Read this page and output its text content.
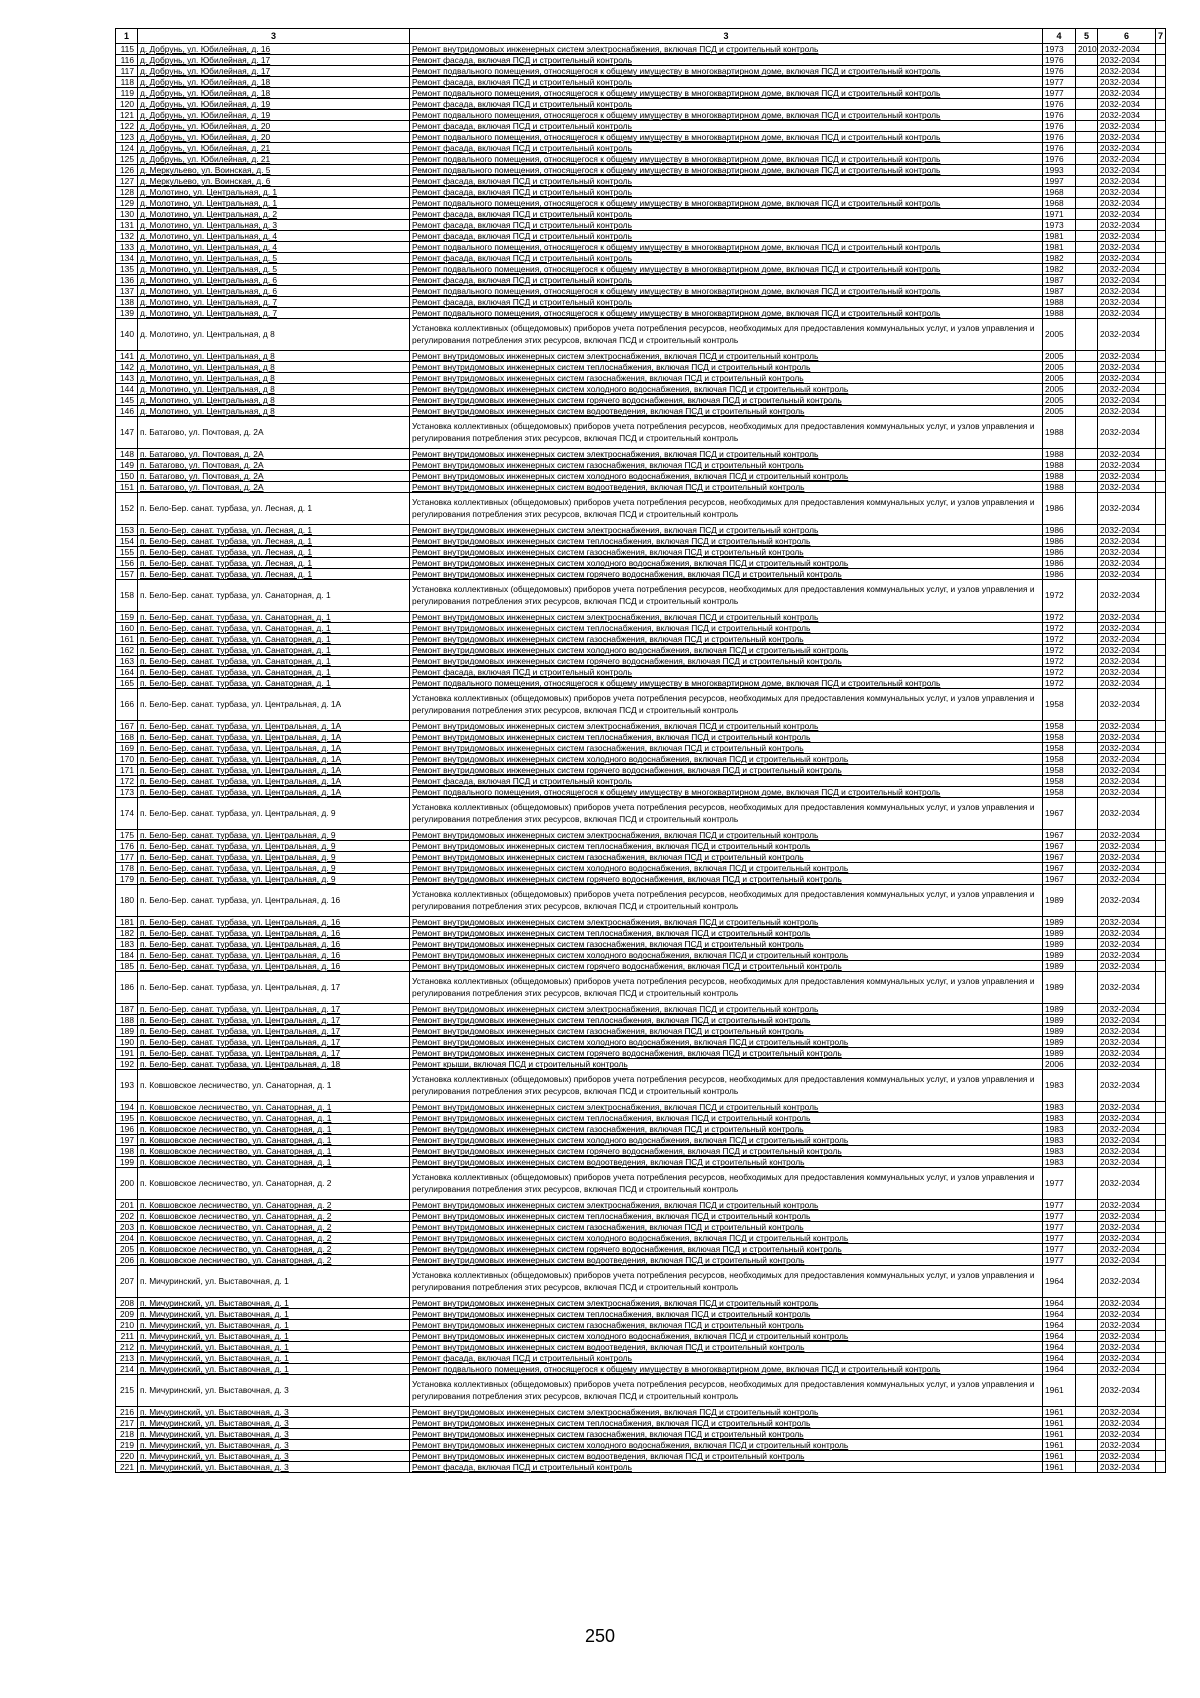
1	3	3	4	5	6	7
115	д. Добрунь, ул. Юбилейная, д. 16	Ремонт внутридомовых инженерных систем электроснабжения, включая ПСД и строительный контроль	1973	2010	2032-2034	
116	д. Добрунь, ул. Юбилейная, д. 17	Ремонт фасада, включая ПСД и строительный контроль	1976		2032-2034	
117	д. Добрунь, ул. Юбилейная, д. 17	Ремонт подвального помещения, относящегося к общему имуществу в многоквартирном доме, включая ПСД и строительный контроль	1976		2032-2034	
118	д. Добрунь, ул. Юбилейная, д. 18	Ремонт фасада, включая ПСД и строительный контроль	1977		2032-2034	
119	д. Добрунь, ул. Юбилейная, д. 18	Ремонт подвального помещения, относящегося к общему имуществу в многоквартирном доме, включая ПСД и строительный контроль	1977		2032-2034	
120	д. Добрунь, ул. Юбилейная, д. 19	Ремонт фасада, включая ПСД и строительный контроль	1976		2032-2034	
121	д. Добрунь, ул. Юбилейная, д. 19	Ремонт подвального помещения, относящегося к общему имуществу в многоквартирном доме, включая ПСД и строительный контроль	1976		2032-2034	
122	д. Добрунь, ул. Юбилейная, д. 20	Ремонт фасада, включая ПСД и строительный контроль	1976		2032-2034	
123	д. Добрунь, ул. Юбилейная, д. 20	Ремонт подвального помещения, относящегося к общему имуществу в многоквартирном доме, включая ПСД и строительный контроль	1976		2032-2034	
124	д. Добрунь, ул. Юбилейная, д. 21	Ремонт фасада, включая ПСД и строительный контроль	1976		2032-2034	
125	д. Добрунь, ул. Юбилейная, д. 21	Ремонт подвального помещения, относящегося к общему имуществу в многоквартирном доме, включая ПСД и строительный контроль	1976		2032-2034	
126	д. Меркульево, ул. Воинская, д. 5	Ремонт подвального помещения, относящегося к общему имуществу в многоквартирном доме, включая ПСД и строительный контроль	1993		2032-2034	
127	д. Меркульево, ул. Воинская, д. 6	Ремонт фасада, включая ПСД и строительный контроль	1997		2032-2034	
128	д. Молотино, ул. Центральная, д. 1	Ремонт фасада, включая ПСД и строительный контроль	1968		2032-2034	
129	д. Молотино, ул. Центральная, д. 1	Ремонт подвального помещения, относящегося к общему имуществу в многоквартирном доме, включая ПСД и строительный контроль	1968		2032-2034	
130	д. Молотино, ул. Центральная, д. 2	Ремонт фасада, включая ПСД и строительный контроль	1971		2032-2034	
131	д. Молотино, ул. Центральная, д. 3	Ремонт фасада, включая ПСД и строительный контроль	1973		2032-2034	
132	д. Молотино, ул. Центральная, д. 4	Ремонт фасада, включая ПСД и строительный контроль	1981		2032-2034	
133	д. Молотино, ул. Центральная, д. 4	Ремонт подвального помещения, относящегося к общему имуществу в многоквартирном доме, включая ПСД и строительный контроль	1981		2032-2034	
134	д. Молотино, ул. Центральная, д. 5	Ремонт фасада, включая ПСД и строительный контроль	1982		2032-2034	
135	д. Молотино, ул. Центральная, д. 5	Ремонт подвального помещения, относящегося к общему имуществу в многоквартирном доме, включая ПСД и строительный контроль	1982		2032-2034	
136	д. Молотино, ул. Центральная, д. 6	Ремонт фасада, включая ПСД и строительный контроль	1987		2032-2034	
137	д. Молотино, ул. Центральная, д. 6	Ремонт подвального помещения, относящегося к общему имуществу в многоквартирном доме, включая ПСД и строительный контроль	1987		2032-2034	
138	д. Молотино, ул. Центральная, д. 7	Ремонт фасада, включая ПСД и строительный контроль	1988		2032-2034	
139	д. Молотино, ул. Центральная, д. 7	Ремонт подвального помещения, относящегося к общему имуществу в многоквартирном доме, включая ПСД и строительный контроль	1988		2032-2034	
140	д. Молотино, ул. Центральная, д 8	Установка коллективных (общедомовых) приборов учета потребления ресурсов, необходимых для предоставления коммунальных услуг, и узлов управления и регулирования потребления этих ресурсов, включая ПСД и строительный контроль	2005		2032-2034	
141	д. Молотино, ул. Центральная, д 8	Ремонт внутридомовых инженерных систем электроснабжения, включая ПСД и строительный контроль	2005		2032-2034	
142	д. Молотино, ул. Центральная, д 8	Ремонт внутридомовых инженерных систем теплоснабжения, включая ПСД и строительный контроль	2005		2032-2034	
143	д. Молотино, ул. Центральная, д 8	Ремонт внутридомовых инженерных систем газоснабжения, включая ПСД и строительный контроль	2005		2032-2034	
144	д. Молотино, ул. Центральная, д 8	Ремонт внутридомовых инженерных систем холодного водоснабжения, включая ПСД и строительный контроль	2005		2032-2034	
145	д. Молотино, ул. Центральная, д 8	Ремонт внутридомовых инженерных систем горячего водоснабжения, включая ПСД и строительный контроль	2005		2032-2034	
146	д. Молотино, ул. Центральная, д 8	Ремонт внутридомовых инженерных систем водоотведения, включая ПСД и строительный контроль	2005		2032-2034	
147	п. Батагово, ул. Почтовая, д. 2А	Установка коллективных (общедомовых) приборов учета потребления ресурсов, необходимых для предоставления коммунальных услуг, и узлов управления и регулирования потребления этих ресурсов, включая ПСД и строительный контроль	1988		2032-2034	
148	п. Батагово, ул. Почтовая, д. 2А	Ремонт внутридомовых инженерных систем электроснабжения, включая ПСД и строительный контроль	1988		2032-2034	
149	п. Батагово, ул. Почтовая, д. 2А	Ремонт внутридомовых инженерных систем газоснабжения, включая ПСД и строительный контроль	1988		2032-2034	
150	п. Батагово, ул. Почтовая, д. 2А	Ремонт внутридомовых инженерных систем холодного водоснабжения, включая ПСД и строительный контроль	1988		2032-2034	
151	п. Батагово, ул. Почтовая, д. 2А	Ремонт внутридомовых инженерных систем водоотведения, включая ПСД и строительный контроль	1988		2032-2034	
152	п. Бело-Бер. санат. турбаза, ул. Лесная, д. 1	Установка коллективных (общедомовых) приборов учета потребления ресурсов, необходимых для предоставления коммунальных услуг, и узлов управления и регулирования потребления этих ресурсов, включая ПСД и строительный контроль	1986		2032-2034	
153	п. Бело-Бер. санат. турбаза, ул. Лесная, д. 1	Ремонт внутридомовых инженерных систем электроснабжения, включая ПСД и строительный контроль	1986		2032-2034	
154	п. Бело-Бер. санат. турбаза, ул. Лесная, д. 1	Ремонт внутридомовых инженерных систем теплоснабжения, включая ПСД и строительный контроль	1986		2032-2034	
155	п. Бело-Бер. санат. турбаза, ул. Лесная, д. 1	Ремонт внутридомовых инженерных систем газоснабжения, включая ПСД и строительный контроль	1986		2032-2034	
156	п. Бело-Бер. санат. турбаза, ул. Лесная, д. 1	Ремонт внутридомовых инженерных систем холодного водоснабжения, включая ПСД и строительный контроль	1986		2032-2034	
157	п. Бело-Бер. санат. турбаза, ул. Лесная, д. 1	Ремонт внутридомовых инженерных систем горячего водоснабжения, включая ПСД и строительный контроль	1986		2032-2034	
158	п. Бело-Бер. санат. турбаза, ул. Санаторная, д. 1	Установка коллективных (общедомовых) приборов учета потребления ресурсов, необходимых для предоставления коммунальных услуг, и узлов управления и регулирования потребления этих ресурсов, включая ПСД и строительный контроль	1972		2032-2034	
159	п. Бело-Бер. санат. турбаза, ул. Санаторная, д. 1	Ремонт внутридомовых инженерных систем электроснабжения, включая ПСД и строительный контроль	1972		2032-2034	
160	п. Бело-Бер. санат. турбаза, ул. Санаторная, д. 1	Ремонт внутридомовых инженерных систем теплоснабжения, включая ПСД и строительный контроль	1972		2032-2034	
161	п. Бело-Бер. санат. турбаза, ул. Санаторная, д. 1	Ремонт внутридомовых инженерных систем газоснабжения, включая ПСД и строительный контроль	1972		2032-2034	
162	п. Бело-Бер. санат. турбаза, ул. Санаторная, д. 1	Ремонт внутридомовых инженерных систем холодного водоснабжения, включая ПСД и строительный контроль	1972		2032-2034	
163	п. Бело-Бер. санат. турбаза, ул. Санаторная, д. 1	Ремонт внутридомовых инженерных систем горячего водоснабжения, включая ПСД и строительный контроль	1972		2032-2034	
164	п. Бело-Бер. санат. турбаза, ул. Санаторная, д. 1	Ремонт фасада, включая ПСД и строительный контроль	1972		2032-2034	
165	п. Бело-Бер. санат. турбаза, ул. Санаторная, д. 1	Ремонт подвального помещения, относящегося к общему имуществу в многоквартирном доме, включая ПСД и строительный контроль	1972		2032-2034	
166	п. Бело-Бер. санат. турбаза, ул. Центральная, д. 1А	Установка коллективных (общедомовых) приборов учета потребления ресурсов, необходимых для предоставления коммунальных услуг, и узлов управления и регулирования потребления этих ресурсов, включая ПСД и строительный контроль	1958		2032-2034	
167	п. Бело-Бер. санат. турбаза, ул. Центральная, д. 1А	Ремонт внутридомовых инженерных систем электроснабжения, включая ПСД и строительный контроль	1958		2032-2034	
168	п. Бело-Бер. санат. турбаза, ул. Центральная, д. 1А	Ремонт внутридомовых инженерных систем теплоснабжения, включая ПСД и строительный контроль	1958		2032-2034	
169	п. Бело-Бер. санат. турбаза, ул. Центральная, д. 1А	Ремонт внутридомовых инженерных систем газоснабжения, включая ПСД и строительный контроль	1958		2032-2034	
170	п. Бело-Бер. санат. турбаза, ул. Центральная, д. 1А	Ремонт внутридомовых инженерных систем холодного водоснабжения, включая ПСД и строительный контроль	1958		2032-2034	
171	п. Бело-Бер. санат. турбаза, ул. Центральная, д. 1А	Ремонт внутридомовых инженерных систем горячего водоснабжения, включая ПСД и строительный контроль	1958		2032-2034	
172	п. Бело-Бер. санат. турбаза, ул. Центральная, д. 1А	Ремонт фасада, включая ПСД и строительный контроль	1958		2032-2034	
173	п. Бело-Бер. санат. турбаза, ул. Центральная, д. 1А	Ремонт подвального помещения, относящегося к общему имуществу в многоквартирном доме, включая ПСД и строительный контроль	1958		2032-2034	
174	п. Бело-Бер. санат. турбаза, ул. Центральная, д. 9	Установка коллективных (общедомовых) приборов учета потребления ресурсов, необходимых для предоставления коммунальных услуг, и узлов управления и регулирования потребления этих ресурсов, включая ПСД и строительный контроль	1967		2032-2034	
175	п. Бело-Бер. санат. турбаза, ул. Центральная, д. 9	Ремонт внутридомовых инженерных систем электроснабжения, включая ПСД и строительный контроль	1967		2032-2034	
176	п. Бело-Бер. санат. турбаза, ул. Центральная, д. 9	Ремонт внутридомовых инженерных систем теплоснабжения, включая ПСД и строительный контроль	1967		2032-2034	
177	п. Бело-Бер. санат. турбаза, ул. Центральная, д. 9	Ремонт внутридомовых инженерных систем газоснабжения, включая ПСД и строительный контроль	1967		2032-2034	
178	п. Бело-Бер. санат. турбаза, ул. Центральная, д. 9	Ремонт внутридомовых инженерных систем холодного водоснабжения, включая ПСД и строительный контроль	1967		2032-2034	
179	п. Бело-Бер. санат. турбаза, ул. Центральная, д. 9	Ремонт внутридомовых инженерных систем горячего водоснабжения, включая ПСД и строительный контроль	1967		2032-2034	
180	п. Бело-Бер. санат. турбаза, ул. Центральная, д. 16	Установка коллективных (общедомовых) приборов учета потребления ресурсов, необходимых для предоставления коммунальных услуг, и узлов управления и регулирования потребления этих ресурсов, включая ПСД и строительный контроль	1989		2032-2034	
181	п. Бело-Бер. санат. турбаза, ул. Центральная, д. 16	Ремонт внутридомовых инженерных систем электроснабжения, включая ПСД и строительный контроль	1989		2032-2034	
182	п. Бело-Бер. санат. турбаза, ул. Центральная, д. 16	Ремонт внутридомовых инженерных систем теплоснабжения, включая ПСД и строительный контроль	1989		2032-2034	
183	п. Бело-Бер. санат. турбаза, ул. Центральная, д. 16	Ремонт внутридомовых инженерных систем газоснабжения, включая ПСД и строительный контроль	1989		2032-2034	
184	п. Бело-Бер. санат. турбаза, ул. Центральная, д. 16	Ремонт внутридомовых инженерных систем холодного водоснабжения, включая ПСД и строительный контроль	1989		2032-2034	
185	п. Бело-Бер. санат. турбаза, ул. Центральная, д. 16	Ремонт внутридомовых инженерных систем горячего водоснабжения, включая ПСД и строительный контроль	1989		2032-2034	
186	п. Бело-Бер. санат. турбаза, ул. Центральная, д. 17	Установка коллективных (общедомовых) приборов учета потребления ресурсов, необходимых для предоставления коммунальных услуг, и узлов управления и регулирования потребления этих ресурсов, включая ПСД и строительный контроль	1989		2032-2034	
187	п. Бело-Бер. санат. турбаза, ул. Центральная, д. 17	Ремонт внутридомовых инженерных систем электроснабжения, включая ПСД и строительный контроль	1989		2032-2034	
188	п. Бело-Бер. санат. турбаза, ул. Центральная, д. 17	Ремонт внутридомовых инженерных систем теплоснабжения, включая ПСД и строительный контроль	1989		2032-2034	
189	п. Бело-Бер. санат. турбаза, ул. Центральная, д. 17	Ремонт внутридомовых инженерных систем газоснабжения, включая ПСД и строительный контроль	1989		2032-2034	
190	п. Бело-Бер. санат. турбаза, ул. Центральная, д. 17	Ремонт внутридомовых инженерных систем холодного водоснабжения, включая ПСД и строительный контроль	1989		2032-2034	
191	п. Бело-Бер. санат. турбаза, ул. Центральная, д. 17	Ремонт внутридомовых инженерных систем горячего водоснабжения, включая ПСД и строительный контроль	1989		2032-2034	
192	п. Бело-Бер. санат. турбаза, ул. Центральная, д. 18	Ремонт крыши, включая ПСД и строительный контроль	2006		2032-2034	
193	п. Ковшовское лесничество, ул. Санаторная, д. 1	Установка коллективных (общедомовых) приборов учета потребления ресурсов, необходимых для предоставления коммунальных услуг, и узлов управления и регулирования потребления этих ресурсов, включая ПСД и строительный контроль	1983		2032-2034	
194	п. Ковшовское лесничество, ул. Санаторная, д. 1	Ремонт внутридомовых инженерных систем электроснабжения, включая ПСД и строительный контроль	1983		2032-2034	
195	п. Ковшовское лесничество, ул. Санаторная, д. 1	Ремонт внутридомовых инженерных систем теплоснабжения, включая ПСД и строительный контроль	1983		2032-2034	
196	п. Ковшовское лесничество, ул. Санаторная, д. 1	Ремонт внутридомовых инженерных систем газоснабжения, включая ПСД и строительный контроль	1983		2032-2034	
197	п. Ковшовское лесничество, ул. Санаторная, д. 1	Ремонт внутридомовых инженерных систем холодного водоснабжения, включая ПСД и строительный контроль	1983		2032-2034	
198	п. Ковшовское лесничество, ул. Санаторная, д. 1	Ремонт внутридомовых инженерных систем горячего водоснабжения, включая ПСД и строительный контроль	1983		2032-2034	
199	п. Ковшовское лесничество, ул. Санаторная, д. 1	Ремонт внутридомовых инженерных систем водоотведения, включая ПСД и строительный контроль	1983		2032-2034	
200	п. Ковшовское лесничество, ул. Санаторная, д. 2	Установка коллективных (общедомовых) приборов учета потребления ресурсов, необходимых для предоставления коммунальных услуг, и узлов управления и регулирования потребления этих ресурсов, включая ПСД и строительный контроль	1977		2032-2034	
201	п. Ковшовское лесничество, ул. Санаторная, д. 2	Ремонт внутридомовых инженерных систем электроснабжения, включая ПСД и строительный контроль	1977		2032-2034	
202	п. Ковшовское лесничество, ул. Санаторная, д. 2	Ремонт внутридомовых инженерных систем теплоснабжения, включая ПСД и строительный контроль	1977		2032-2034	
203	п. Ковшовское лесничество, ул. Санаторная, д. 2	Ремонт внутридомовых инженерных систем газоснабжения, включая ПСД и строительный контроль	1977		2032-2034	
204	п. Ковшовское лесничество, ул. Санаторная, д. 2	Ремонт внутридомовых инженерных систем холодного водоснабжения, включая ПСД и строительный контроль	1977		2032-2034	
205	п. Ковшовское лесничество, ул. Санаторная, д. 2	Ремонт внутридомовых инженерных систем горячего водоснабжения, включая ПСД и строительный контроль	1977		2032-2034	
206	п. Ковшовское лесничество, ул. Санаторная, д. 2	Ремонт внутридомовых инженерных систем водоотведения, включая ПСД и строительный контроль	1977		2032-2034	
207	п. Мичуринский, ул. Выставочная, д. 1	Установка коллективных (общедомовых) приборов учета потребления ресурсов, необходимых для предоставления коммунальных услуг, и узлов управления и регулирования потребления этих ресурсов, включая ПСД и строительный контроль	1964		2032-2034	
208	п. Мичуринский, ул. Выставочная, д. 1	Ремонт внутридомовых инженерных систем электроснабжения, включая ПСД и строительный контроль	1964		2032-2034	
209	п. Мичуринский, ул. Выставочная, д. 1	Ремонт внутридомовых инженерных систем теплоснабжения, включая ПСД и строительный контроль	1964		2032-2034	
210	п. Мичуринский, ул. Выставочная, д. 1	Ремонт внутридомовых инженерных систем газоснабжения, включая ПСД и строительный контроль	1964		2032-2034	
211	п. Мичуринский, ул. Выставочная, д. 1	Ремонт внутридомовых инженерных систем холодного водоснабжения, включая ПСД и строительный контроль	1964		2032-2034	
212	п. Мичуринский, ул. Выставочная, д. 1	Ремонт внутридомовых инженерных систем водоотведения, включая ПСД и строительный контроль	1964		2032-2034	
213	п. Мичуринский, ул. Выставочная, д. 1	Ремонт фасада, включая ПСД и строительный контроль	1964		2032-2034	
214	п. Мичуринский, ул. Выставочная, д. 1	Ремонт подвального помещения, относящегося к общему имуществу в многоквартирном доме, включая ПСД и строительный контроль	1964		2032-2034	
215	п. Мичуринский, ул. Выставочная, д. 3	Установка коллективных (общедомовых) приборов учета потребления ресурсов, необходимых для предоставления коммунальных услуг, и узлов управления и регулирования потребления этих ресурсов, включая ПСД и строительный контроль	1961		2032-2034	
216	п. Мичуринский, ул. Выставочная, д. 3	Ремонт внутридомовых инженерных систем электроснабжения, включая ПСД и строительный контроль	1961		2032-2034	
217	п. Мичуринский, ул. Выставочная, д. 3	Ремонт внутридомовых инженерных систем теплоснабжения, включая ПСД и строительный контроль	1961		2032-2034	
218	п. Мичуринский, ул. Выставочная, д. 3	Ремонт внутридомовых инженерных систем газоснабжения, включая ПСД и строительный контроль	1961		2032-2034	
219	п. Мичуринский, ул. Выставочная, д. 3	Ремонт внутридомовых инженерных систем холодного водоснабжения, включая ПСД и строительный контроль	1961		2032-2034	
220	п. Мичуринский, ул. Выставочная, д. 3	Ремонт внутридомовых инженерных систем водоотведения, включая ПСД и строительный контроль	1961		2032-2034	
221	п. Мичуринский, ул. Выставочная, д. 3	Ремонт фасада, включая ПСД и строительный контроль	1961		2032-2034	
250
